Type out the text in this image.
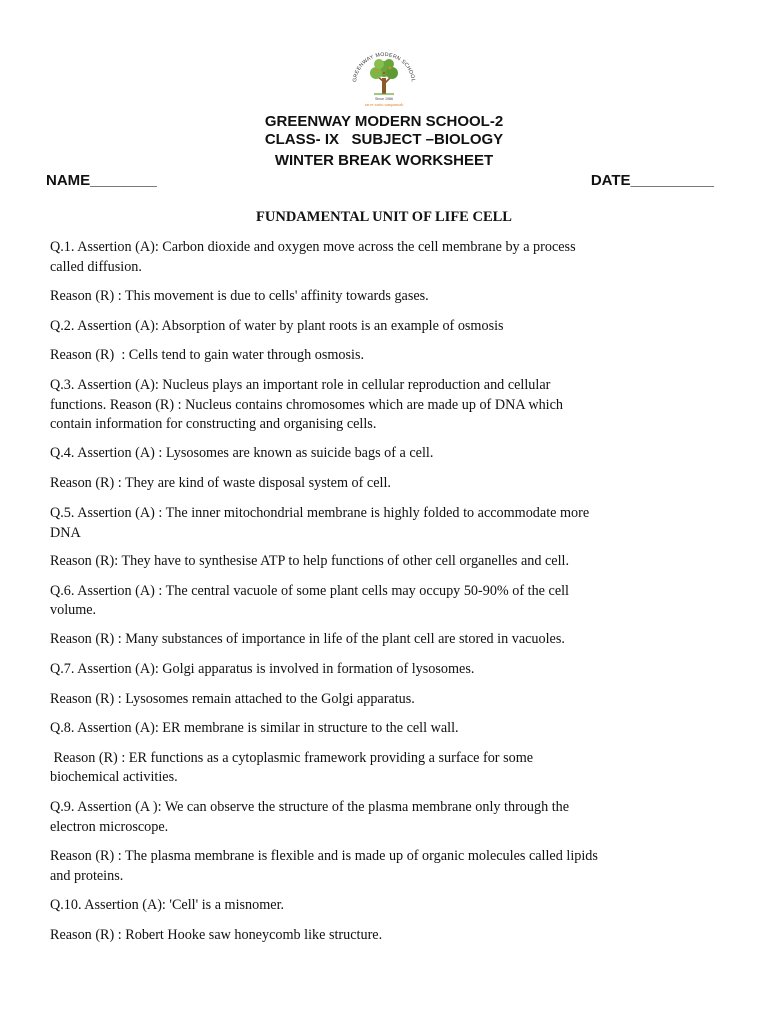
GREENWAY MODERN SCHOOL
Since 1986
sarve santu sampannah
GREENWAY MODERN SCHOOL-2
CLASS- IX   SUBJECT –BIOLOGY
WINTER BREAK WORKSHEET
NAME________	DATE__________
FUNDAMENTAL UNIT OF LIFE CELL
Q.1. Assertion (A): Carbon dioxide and oxygen move across the cell membrane by a process
called diffusion.
Reason (R) : This movement is due to cells' affinity towards gases.
Q.2. Assertion (A): Absorption of water by plant roots is an example of osmosis
Reason (R)  : Cells tend to gain water through osmosis.
Q.3. Assertion (A): Nucleus plays an important role in cellular reproduction and cellular
functions. Reason (R) : Nucleus contains chromosomes which are made up of DNA which
contain information for constructing and organising cells.
Q.4. Assertion (A) : Lysosomes are known as suicide bags of a cell.
Reason (R) : They are kind of waste disposal system of cell.
Q.5. Assertion (A) : The inner mitochondrial membrane is highly folded to accommodate more
DNA
Reason (R): They have to synthesise ATP to help functions of other cell organelles and cell.
Q.6. Assertion (A) : The central vacuole of some plant cells may occupy 50-90% of the cell
volume.
Reason (R) : Many substances of importance in life of the plant cell are stored in vacuoles.
Q.7. Assertion (A): Golgi apparatus is involved in formation of lysosomes.
Reason (R) : Lysosomes remain attached to the Golgi apparatus.
Q.8. Assertion (A): ER membrane is similar in structure to the cell wall.
Reason (R) : ER functions as a cytoplasmic framework providing a surface for some
biochemical activities.
Q.9. Assertion (A ): We can observe the structure of the plasma membrane only through the
electron microscope.
Reason (R) : The plasma membrane is flexible and is made up of organic molecules called lipids
and proteins.
Q.10. Assertion (A): 'Cell' is a misnomer.
Reason (R) : Robert Hooke saw honeycomb like structure.
